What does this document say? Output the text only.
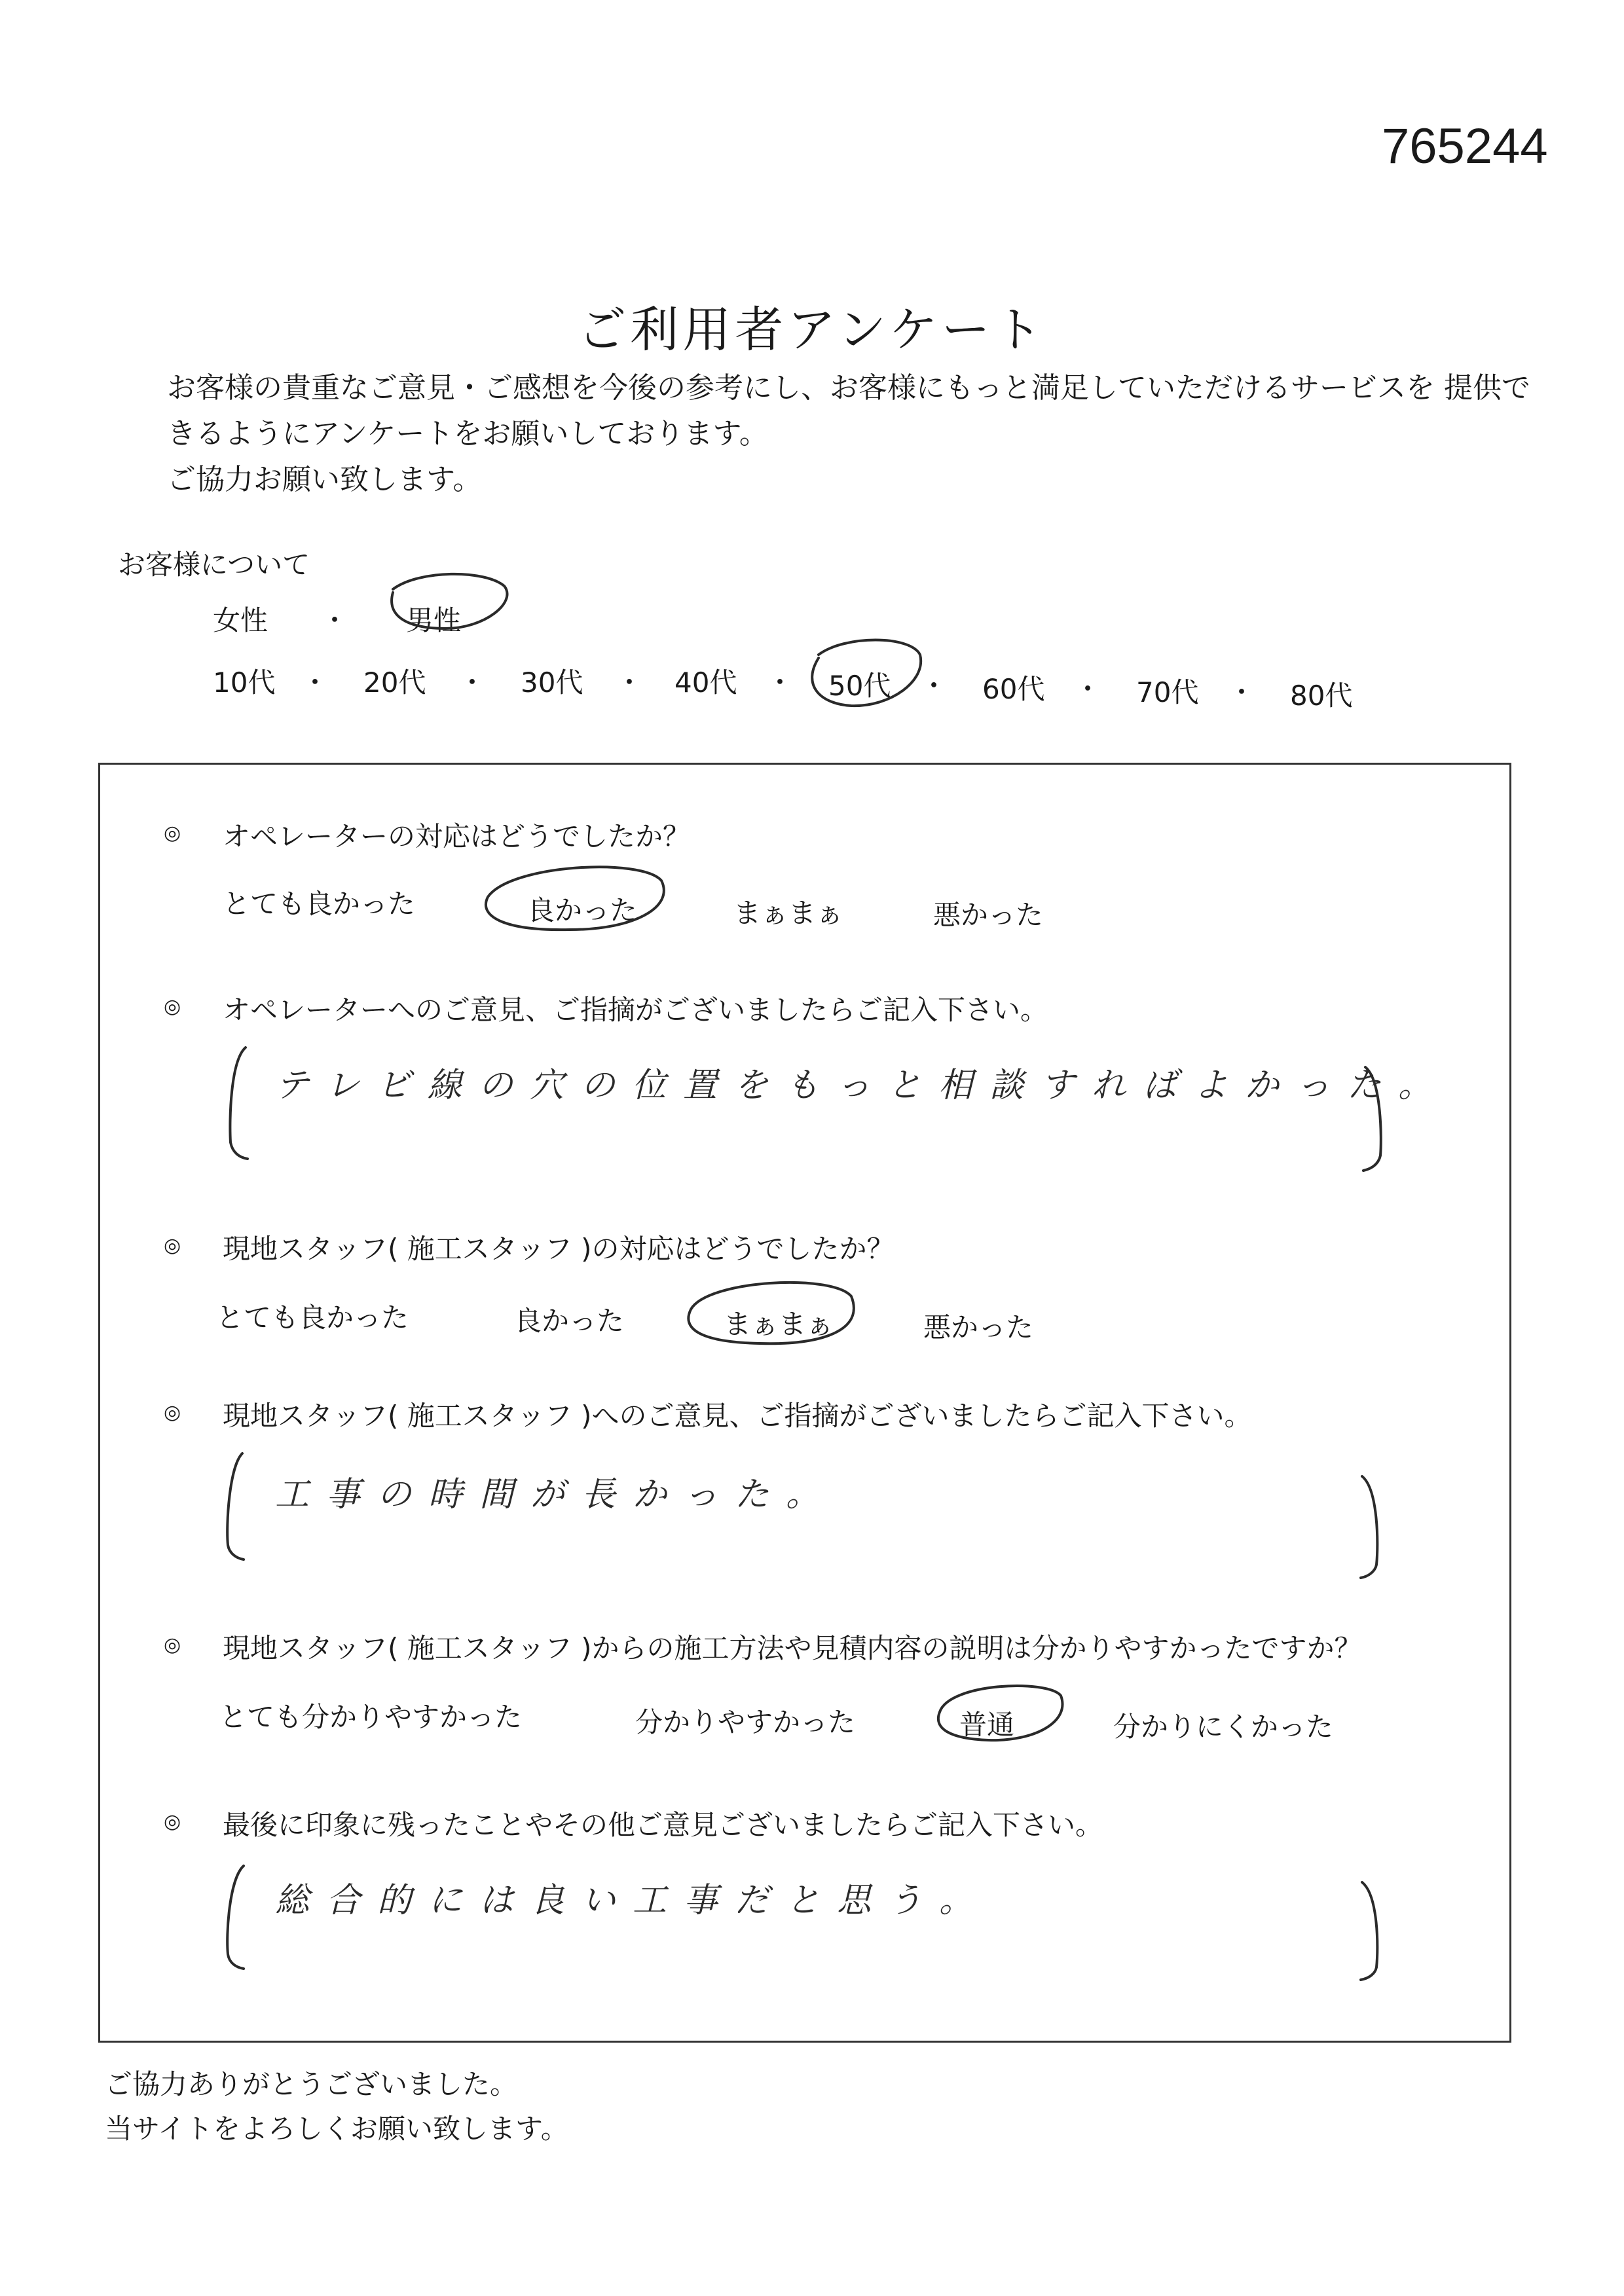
765244
ご利用者アンケート
お客様の貴重なご意見・ご感想を今後の参考にし、お客様にもっと満足していただけるサービスを 提供で
きるようにアンケートをお願いしております。
ご協力お願い致します。
お客様について
女性 ・ 男性
10代 ・ 20代 ・ 30代 ・ 40代 ・ 50代 ・ 60代 ・ 70代 ・ 80代
◎ オペレーターの対応はどうでしたか？
とても良かった	良かった	まぁまぁ	悪かった
◎ オペレーターへのご意見、ご指摘がございましたらご記入下さい。
テレビ線の穴の位置をもっと相談すればよかった。
◎ 現地スタッフ( 施工スタッフ )の対応はどうでしたか？
とても良かった	良かった	まぁまぁ	悪かった
◎ 現地スタッフ( 施工スタッフ )へのご意見、ご指摘がございましたらご記入下さい。
工事の時間が長かった。
◎ 現地スタッフ( 施工スタッフ )からの施工方法や見積内容の説明は分かりやすかったですか？
とても分かりやすかった	分かりやすかった	普通	分かりにくかった
◎ 最後に印象に残ったことやその他ご意見ございましたらご記入下さい。
総合的には良い工事だと思う。
ご協力ありがとうございました。
当サイトをよろしくお願い致します。
